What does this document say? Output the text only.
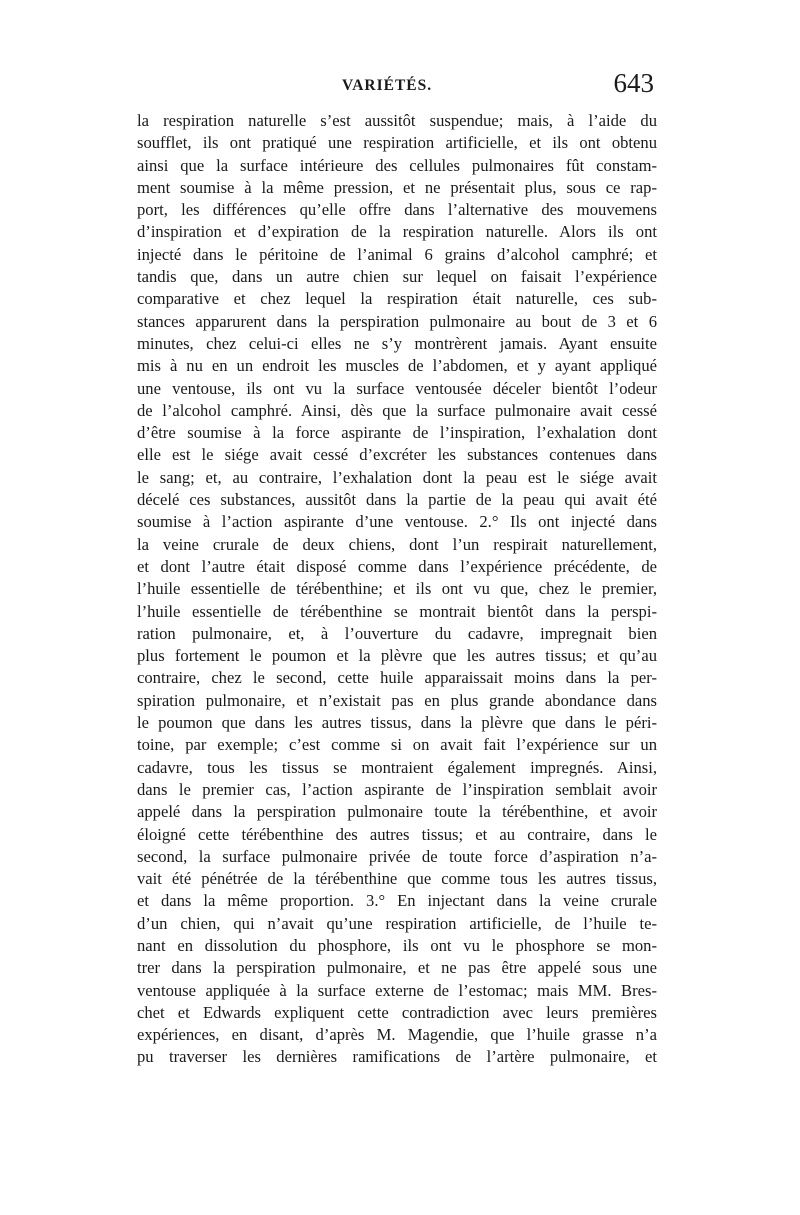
VARIÉTÉS.	643
la respiration naturelle s’est aussitôt suspendue; mais, à l’aide du
soufflet, ils ont pratiqué une respiration artificielle, et ils ont obtenu
ainsi que la surface intérieure des cellules pulmonaires fût constam-
ment soumise à la même pression, et ne présentait plus, sous ce rap-
port, les différences qu’elle offre dans l’alternative des mouvemens
d’inspiration et d’expiration de la respiration naturelle. Alors ils ont
injecté dans le péritoine de l’animal 6 grains d’alcohol camphré; et
tandis que, dans un autre chien sur lequel on faisait l’expérience
comparative et chez lequel la respiration était naturelle, ces sub-
stances apparurent dans la perspiration pulmonaire au bout de 3 et 6
minutes, chez celui-ci elles ne s’y montrèrent jamais. Ayant ensuite
mis à nu en un endroit les muscles de l’abdomen, et y ayant appliqué
une ventouse, ils ont vu la surface ventousée déceler bientôt l’odeur
de l’alcohol camphré. Ainsi, dès que la surface pulmonaire avait cessé
d’être soumise à la force aspirante de l’inspiration, l’exhalation dont
elle est le siége avait cessé d’excréter les substances contenues dans
le sang; et, au contraire, l’exhalation dont la peau est le siége avait
décelé ces substances, aussitôt dans la partie de la peau qui avait été
soumise à l’action aspirante d’une ventouse. 2.° Ils ont injecté dans
la veine crurale de deux chiens, dont l’un respirait naturellement,
et dont l’autre était disposé comme dans l’expérience précédente, de
l’huile essentielle de térébenthine; et ils ont vu que, chez le premier,
l’huile essentielle de térébenthine se montrait bientôt dans la perspi-
ration pulmonaire, et, à l’ouverture du cadavre, impregnait bien
plus fortement le poumon et la plèvre que les autres tissus; et qu’au
contraire, chez le second, cette huile apparaissait moins dans la per-
spiration pulmonaire, et n’existait pas en plus grande abondance dans
le poumon que dans les autres tissus, dans la plèvre que dans le péri-
toine, par exemple; c’est comme si on avait fait l’expérience sur un
cadavre, tous les tissus se montraient également impregnés. Ainsi,
dans le premier cas, l’action aspirante de l’inspiration semblait avoir
appelé dans la perspiration pulmonaire toute la térébenthine, et avoir
éloigné cette térébenthine des autres tissus; et au contraire, dans le
second, la surface pulmonaire privée de toute force d’aspiration n’a-
vait été pénétrée de la térébenthine que comme tous les autres tissus,
et dans la même proportion. 3.° En injectant dans la veine crurale
d’un chien, qui n’avait qu’une respiration artificielle, de l’huile te-
nant en dissolution du phosphore, ils ont vu le phosphore se mon-
trer dans la perspiration pulmonaire, et ne pas être appelé sous une
ventouse appliquée à la surface externe de l’estomac; mais MM. Bres-
chet et Edwards expliquent cette contradiction avec leurs premières
expériences, en disant, d’après M. Magendie, que l’huile grasse n’a
pu traverser les dernières ramifications de l’artère pulmonaire, et
